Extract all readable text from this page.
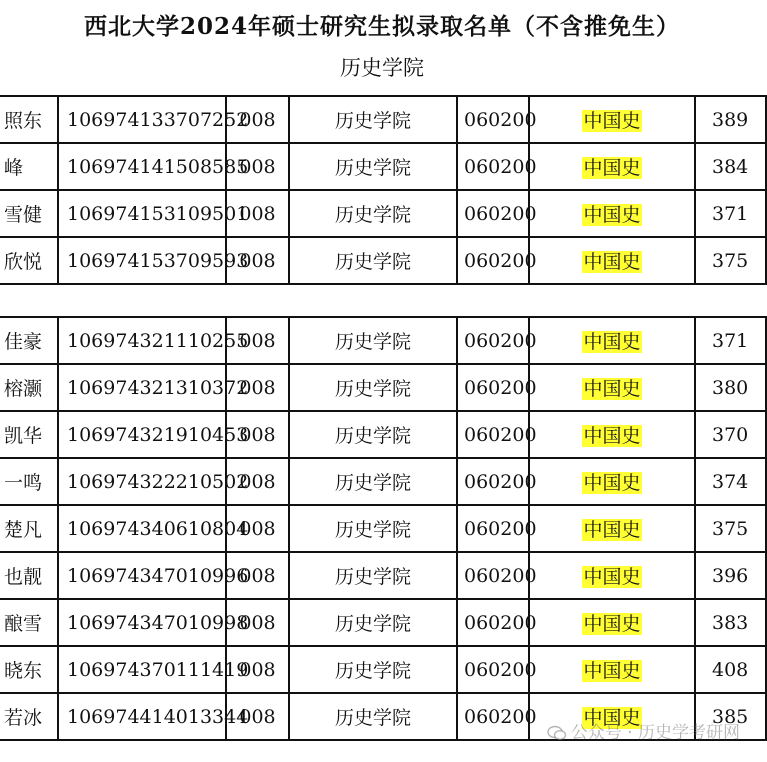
西北大学2024年硕士研究生拟录取名单（不含推免生）
历史学院
照东	106974133707252	008	历史学院	060200	中国史	389
峰	106974141508585	008	历史学院	060200	中国史	384
雪健	106974153109501	008	历史学院	060200	中国史	371
欣悦	106974153709593	008	历史学院	060200	中国史	375
佳豪	106974321110255	008	历史学院	060200	中国史	371
榕灏	106974321310372	008	历史学院	060200	中国史	380
凯华	106974321910453	008	历史学院	060200	中国史	370
一鸣	106974322210502	008	历史学院	060200	中国史	374
楚凡	106974340610804	008	历史学院	060200	中国史	375
也靓	106974347010996	008	历史学院	060200	中国史	396
酿雪	106974347010998	008	历史学院	060200	中国史	383
晓东	106974370111419	008	历史学院	060200	中国史	408
若冰	106974414013344	008	历史学院	060200	中国史	385
公众号 · 历史学考研网
